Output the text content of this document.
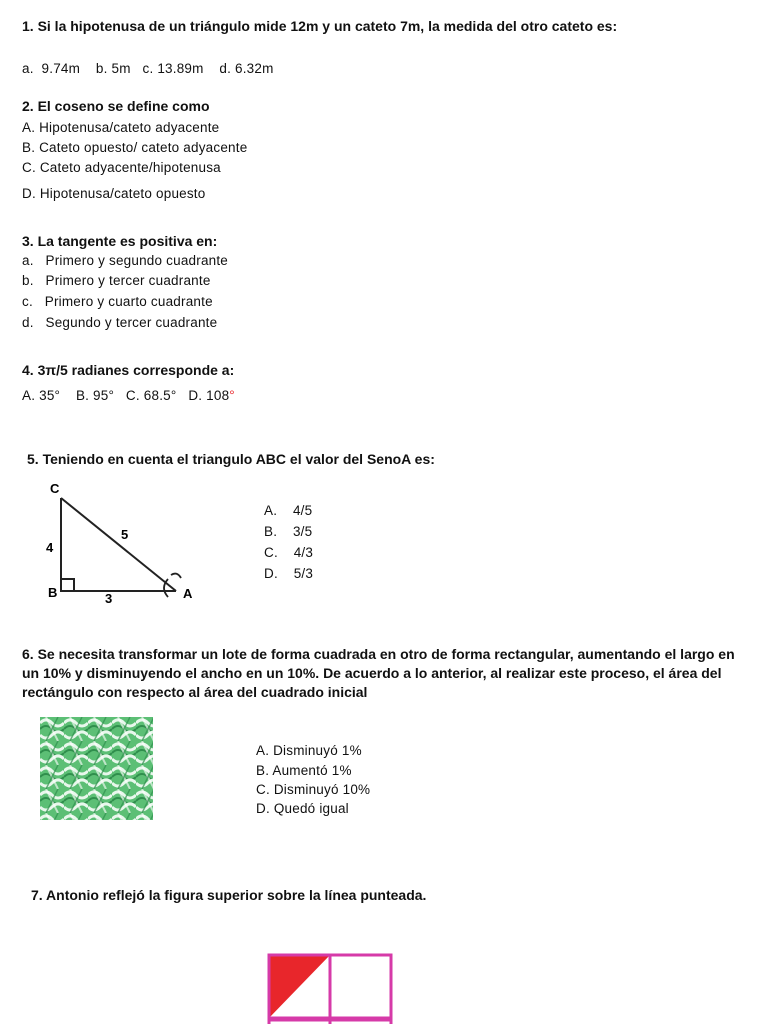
1. Si la hipotenusa de un triángulo mide 12m y un cateto 7m, la medida del otro cateto es:
a.  9.74m    b. 5m   c. 13.89m    d. 6.32m
2. El coseno se define como
A. Hipotenusa/cateto adyacente
B. Cateto opuesto/ cateto adyacente
C. Cateto adyacente/hipotenusa
D. Hipotenusa/cateto opuesto
3. La tangente es positiva en:
a.   Primero y segundo cuadrante
b.   Primero y tercer cuadrante
c.   Primero y cuarto cuadrante
d.   Segundo y tercer cuadrante
4. 3π/5 radianes corresponde a:
A. 35° B. 95° C. 68.5° D. 108°
5. Teniendo en cuenta el triangulo ABC el valor del SenoA es:
C
4
5
B	3	A
A.    4/5
B.    3/5
C.    4/3
D.    5/3
6. Se necesita transformar un lote de forma cuadrada en otro de forma rectangular, aumentando el largo en un 10% y disminuyendo el ancho en un 10%. De acuerdo a lo anterior, al realizar este proceso, el área del rectángulo con respecto al área del cuadrado inicial
A. Disminuyó 1%
B. Aumentó 1%
C. Disminuyó 10%
D. Quedó igual
7. Antonio reflejó la figura superior sobre la línea punteada.
